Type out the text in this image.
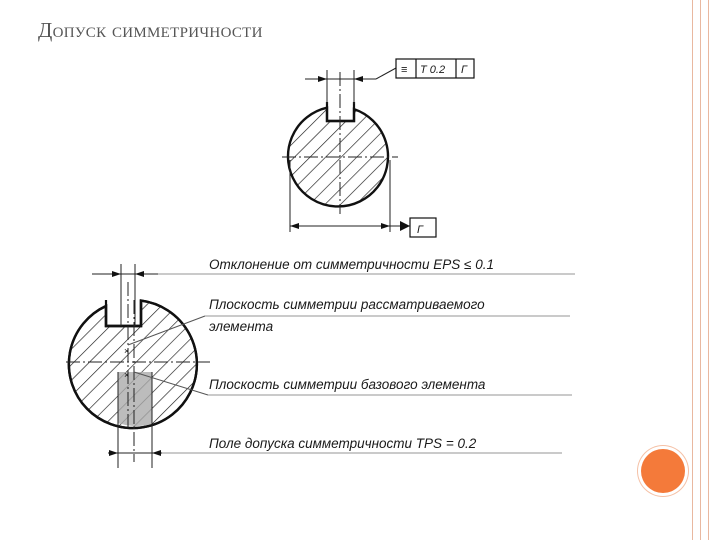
Допуск симметричности
≡ T 0.2 Г
Г
×
×
Отклонение от симметричности EPS ≤ 0.1
Плоскость симметрии рассматриваемого
элемента
Плоскость симметрии базового элемента
Поле допуска симметричности TPS = 0.2
